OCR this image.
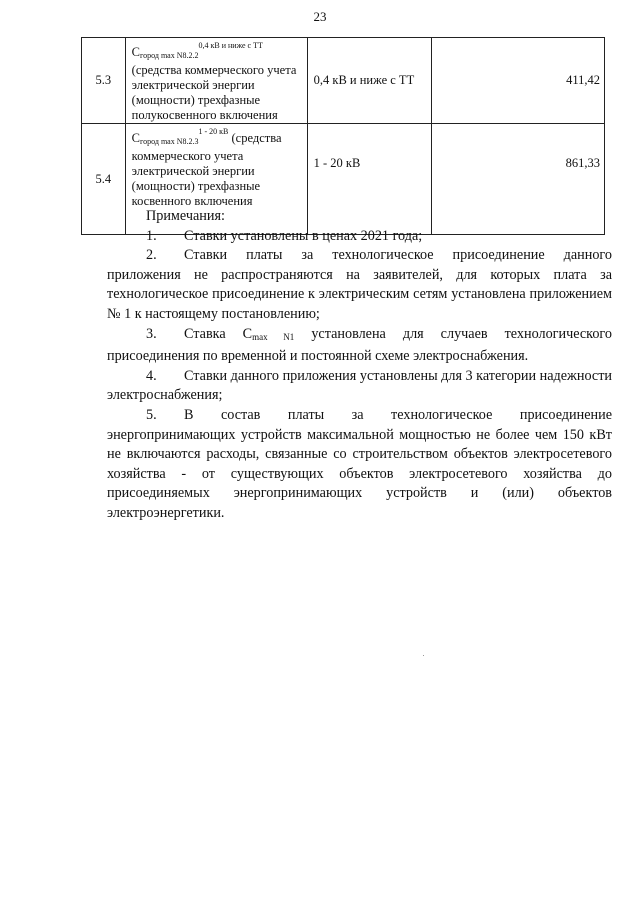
23
5.3	Cгород $\max N8.2.2^{0,4 кВ и ниже с ТТ}$ (средства коммерческого учета электрической энергии (мощности) трехфазные полукосвенного включения	0,4 кВ и ниже с ТТ	411,42
5.4	Cгород $\max N8.2.3^{1 - 20 кВ}$ (средства коммерческого учета электрической энергии (мощности) трехфазные косвенного включения	1 - 20 кВ	861,33

Примечания:

1. Ставки установлены в ценах 2021 года;

2. Ставки платы за технологическое присоединение данного приложения не распространяются на заявителей, для которых плата за технологическое присоединение к электрическим сетям установлена приложением № 1 к настоящему постановлению;

3. Ставка Cmax N1 установлена для случаев технологического присоединения по временной и постоянной схеме электроснабжения.

4. Ставки данного приложения установлены для 3 категории надежности электроснабжения;

5. В состав платы за технологическое присоединение энергопринимающих устройств максимальной мощностью не более чем 150 кВт не включаются расходы, связанные со строительством объектов электросетевого хозяйства - от существующих объектов электросетевого хозяйства до присоединяемых энергопринимающих устройств и (или) объектов электроэнергетики.
